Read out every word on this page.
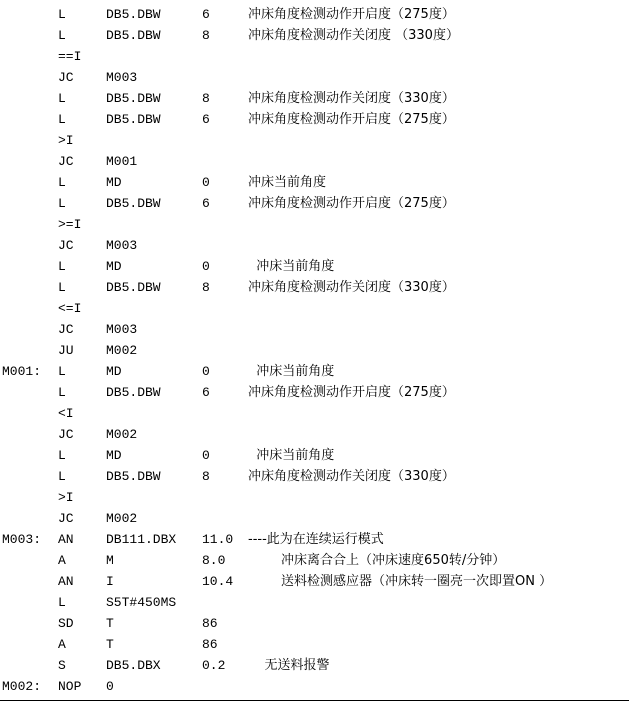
L	DB5.DBW	6	冲床角度检测动作开启度（275度）
L	DB5.DBW	8	冲床角度检测动作关闭度 （330度）
==I
JC	M003
L	DB5.DBW	8	冲床角度检测动作关闭度（330度）
L	DB5.DBW	6	冲床角度检测动作开启度（275度）
>I
JC	M001
L	MD	0	冲床当前角度
L	DB5.DBW	6	冲床角度检测动作开启度（275度）
>=I
JC	M003
L	MD	0	冲床当前角度
L	DB5.DBW	8	冲床角度检测动作关闭度（330度）
<=I
JC	M003
JU	M002
M001:	L	MD	0	冲床当前角度
L	DB5.DBW	6	冲床角度检测动作开启度（275度）
<I
JC	M002
L	MD	0	冲床当前角度
L	DB5.DBW	8	冲床角度检测动作关闭度（330度）
>I
JC	M002
M003:	AN	DB111.DBX	11.0	----此为在连续运行模式
A	M	8.0	冲床离合合上（冲床速度650转/分钟）
AN	I	10.4	送料检测感应器（冲床转一圈亮一次即置ON ）
L	S5T#450MS
SD	T	86
A	T	86
S	DB5.DBX	0.2	无送料报警
M002:	NOP	0
